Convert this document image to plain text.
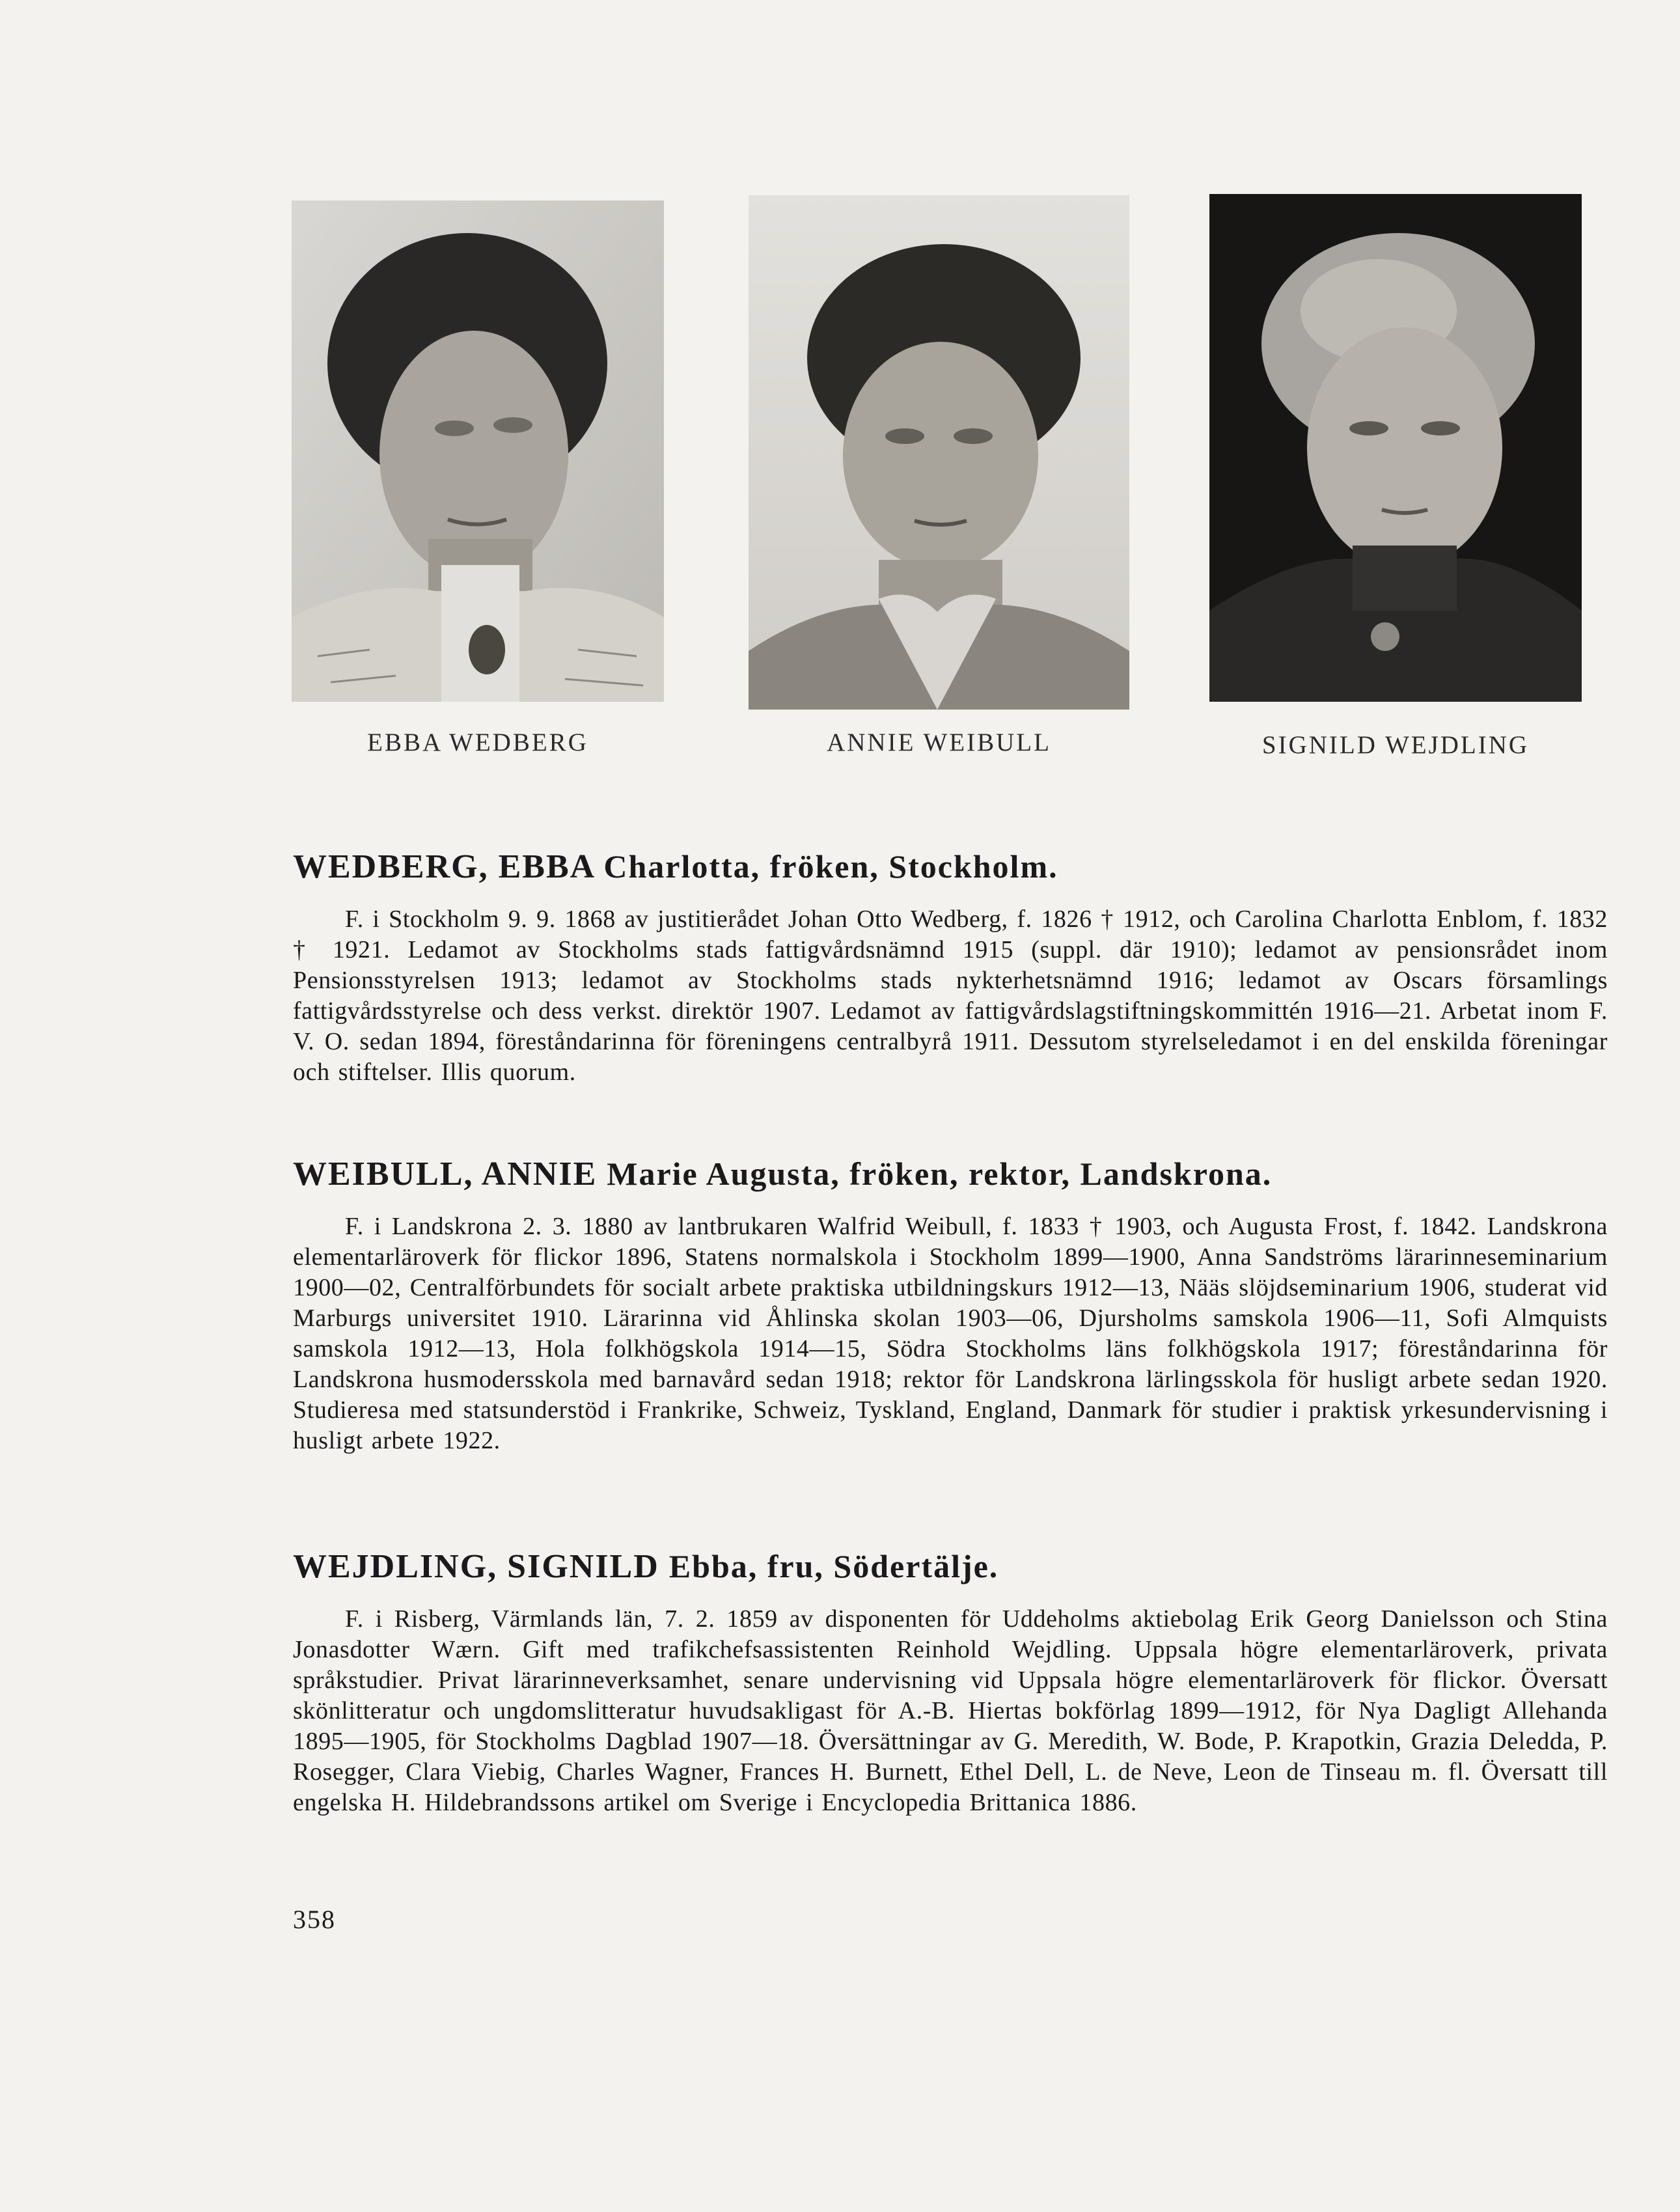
EBBA WEDBERG	ANNIE WEIBULL	SIGNILD WEJDLING
WEDBERG, EBBA Charlotta, fröken, Stockholm.

F. i Stockholm 9. 9. 1868 av justitierådet Johan Otto Wedberg, f. 1826 † 1912, och Carolina Charlotta Enblom, f. 1832 † 1921. Ledamot av Stockholms stads fattigvårdsnämnd 1915 (suppl. där 1910); ledamot av pensionsrådet inom Pensionsstyrelsen 1913; ledamot av Stockholms stads nykterhetsnämnd 1916; ledamot av Oscars församlings fattigvårdsstyrelse och dess verkst. direktör 1907. Ledamot av fattigvårdslagstiftningskommittén 1916—21. Arbetat inom F. V. O. sedan 1894, föreståndarinna för föreningens centralbyrå 1911. Dessutom styrelseledamot i en del enskilda föreningar och stiftelser. Illis quorum.

WEIBULL, ANNIE Marie Augusta, fröken, rektor, Landskrona.

F. i Landskrona 2. 3. 1880 av lantbrukaren Walfrid Weibull, f. 1833 † 1903, och Augusta Frost, f. 1842. Landskrona elementarläroverk för flickor 1896, Statens normalskola i Stockholm 1899—1900, Anna Sandströms lärarinneseminarium 1900—02, Centralförbundets för socialt arbete praktiska utbildningskurs 1912—13, Nääs slöjdseminarium 1906, studerat vid Marburgs universitet 1910. Lärarinna vid Åhlinska skolan 1903—06, Djursholms samskola 1906—11, Sofi Almquists samskola 1912—13, Hola folkhögskola 1914—15, Södra Stockholms läns folkhögskola 1917; föreståndarinna för Landskrona husmodersskola med barnavård sedan 1918; rektor för Landskrona lärlingsskola för husligt arbete sedan 1920. Studieresa med statsunderstöd i Frankrike, Schweiz, Tyskland, England, Danmark för studier i praktisk yrkesundervisning i husligt arbete 1922.

WEJDLING, SIGNILD Ebba, fru, Södertälje.

F. i Risberg, Värmlands län, 7. 2. 1859 av disponenten för Uddeholms aktiebolag Erik Georg Danielsson och Stina Jonasdotter Wærn. Gift med trafikchefsassistenten Reinhold Wejdling. Uppsala högre elementarläroverk, privata språkstudier. Privat lärarinneverksamhet, senare undervisning vid Uppsala högre elementarläroverk för flickor. Översatt skönlitteratur och ungdomslitteratur huvudsakligast för A.-B. Hiertas bokförlag 1899—1912, för Nya Dagligt Allehanda 1895—1905, för Stockholms Dagblad 1907—18. Översättningar av G. Meredith, W. Bode, P. Krapotkin, Grazia Deledda, P. Rosegger, Clara Viebig, Charles Wagner, Frances H. Burnett, Ethel Dell, L. de Neve, Leon de Tinseau m. fl. Översatt till engelska H. Hildebrandssons artikel om Sverige i Encyclopedia Brittanica 1886.

358
